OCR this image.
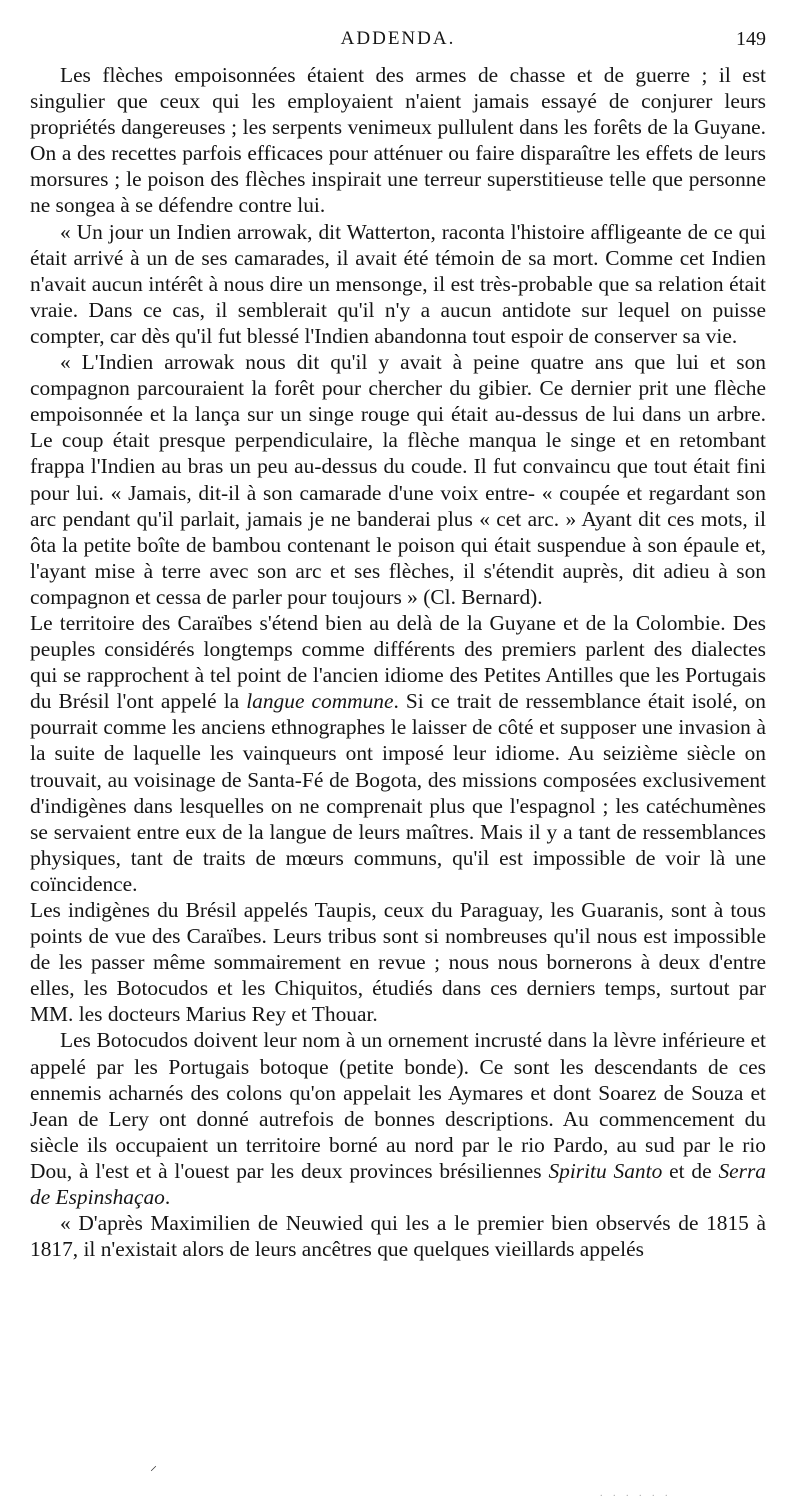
ADDENDA.	149

Les flèches empoisonnées étaient des armes de chasse et de guerre ; il est singulier que ceux qui les employaient n'aient jamais essayé de conjurer leurs propriétés dangereuses ; les serpents venimeux pullulent dans les forêts de la Guyane. On a des recettes parfois efficaces pour atténuer ou faire disparaître les effets de leurs morsures ; le poison des flèches inspirait une terreur superstitieuse telle que personne ne songea à se défendre contre lui.

« Un jour un Indien arrowak, dit Watterton, raconta l'histoire affligeante de ce qui était arrivé à un de ses camarades, il avait été témoin de sa mort. Comme cet Indien n'avait aucun intérêt à nous dire un mensonge, il est très-probable que sa relation était vraie. Dans ce cas, il semblerait qu'il n'y a aucun antidote sur lequel on puisse compter, car dès qu'il fut blessé l'Indien abandonna tout espoir de conserver sa vie.

« L'Indien arrowak nous dit qu'il y avait à peine quatre ans que lui et son compagnon parcouraient la forêt pour chercher du gibier. Ce dernier prit une flèche empoisonnée et la lança sur un singe rouge qui était au-dessus de lui dans un arbre. Le coup était presque perpendiculaire, la flèche manqua le singe et en retombant frappa l'Indien au bras un peu au-dessus du coude. Il fut convaincu que tout était fini pour lui. « Jamais, dit-il à son camarade d'une voix entre- « coupée et regardant son arc pendant qu'il parlait, jamais je ne banderai plus « cet arc. » Ayant dit ces mots, il ôta la petite boîte de bambou contenant le poison qui était suspendue à son épaule et, l'ayant mise à terre avec son arc et ses flèches, il s'étendit auprès, dit adieu à son compagnon et cessa de parler pour toujours » (Cl. Bernard).

Le territoire des Caraïbes s'étend bien au delà de la Guyane et de la Colombie. Des peuples considérés longtemps comme différents des premiers parlent des dialectes qui se rapprochent à tel point de l'ancien idiome des Petites Antilles que les Portugais du Brésil l'ont appelé la langue commune. Si ce trait de ressemblance était isolé, on pourrait comme les anciens ethnographes le laisser de côté et supposer une invasion à la suite de laquelle les vainqueurs ont imposé leur idiome. Au seizième siècle on trouvait, au voisinage de Santa-Fé de Bogota, des missions composées exclusivement d'indigènes dans lesquelles on ne comprenait plus que l'espagnol ; les catéchumènes se servaient entre eux de la langue de leurs maîtres. Mais il y a tant de ressemblances physiques, tant de traits de mœurs communs, qu'il est impossible de voir là une coïncidence.

Les indigènes du Brésil appelés Taupis, ceux du Paraguay, les Guaranis, sont à tous points de vue des Caraïbes. Leurs tribus sont si nombreuses qu'il nous est impossible de les passer même sommairement en revue ; nous nous bornerons à deux d'entre elles, les Botocudos et les Chiquitos, étudiés dans ces derniers temps, surtout par MM. les docteurs Marius Rey et Thouar.

Les Botocudos doivent leur nom à un ornement incrusté dans la lèvre inférieure et appelé par les Portugais botoque (petite bonde). Ce sont les descendants de ces ennemis acharnés des colons qu'on appelait les Aymares et dont Soarez de Souza et Jean de Lery ont donné autrefois de bonnes descriptions. Au commencement du siècle ils occupaient un territoire borné au nord par le rio Pardo, au sud par le rio Dou, à l'est et à l'ouest par les deux provinces brésiliennes Spiritu Santo et de Serra de Espinshaçao.

« D'après Maximilien de Neuwied qui les a le premier bien observés de 1815 à 1817, il n'existait alors de leurs ancêtres que quelques vieillards appelés

⸝
. . . . . .
